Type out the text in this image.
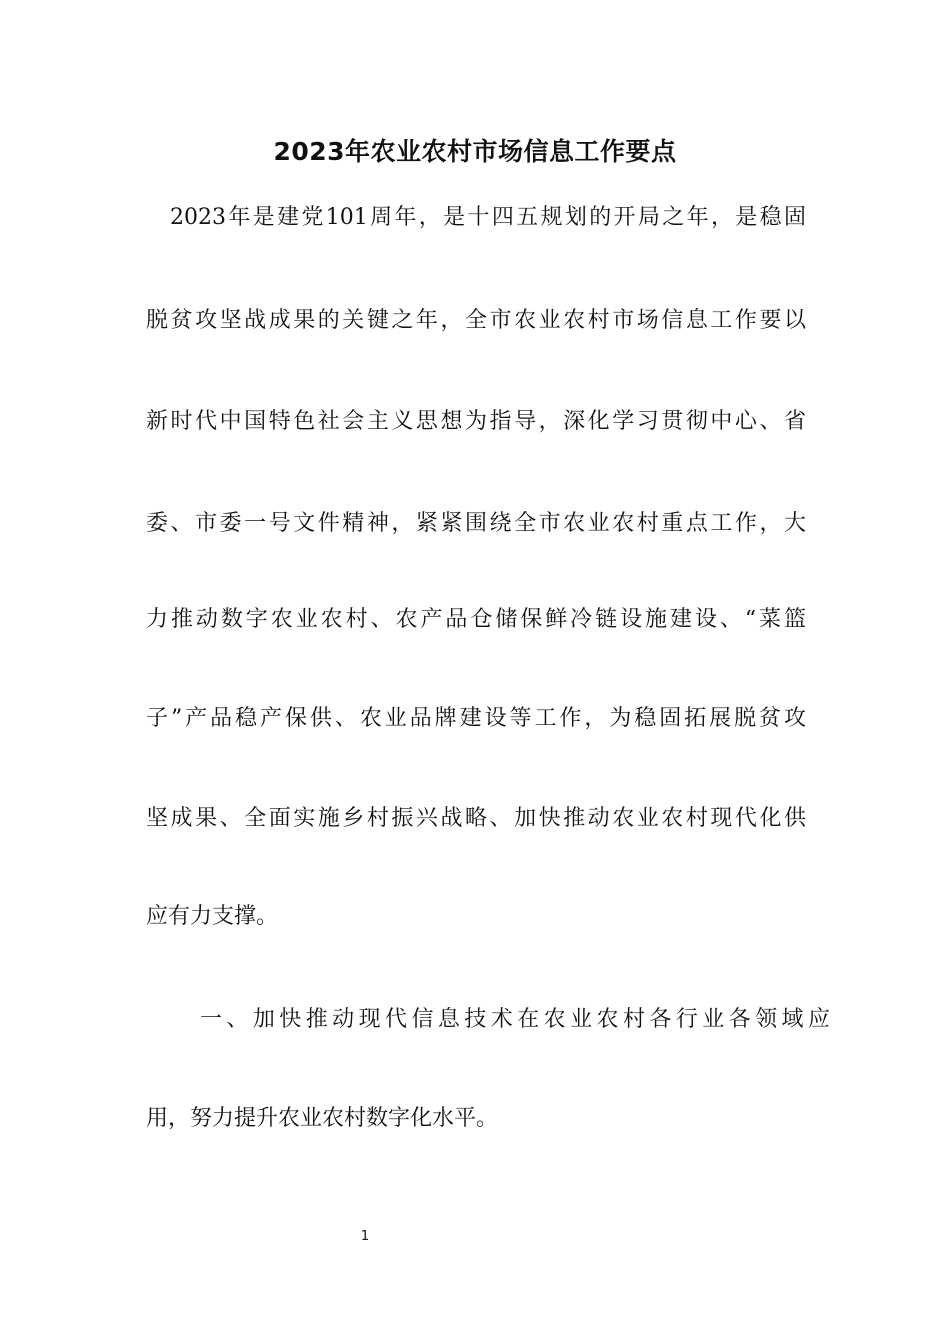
2023年农业农村市场信息工作要点
2023年是建党101周年，是十四五规划的开局之年，是稳固
脱贫攻坚战成果的关键之年，全市农业农村市场信息工作要以
新时代中国特色社会主义思想为指导，深化学习贯彻中心、省
委、市委一号文件精神，紧紧围绕全市农业农村重点工作，大
力推动数字农业农村、农产品仓储保鲜冷链设施建设、“菜篮
子”产品稳产保供、农业品牌建设等工作，为稳固拓展脱贫攻
坚成果、全面实施乡村振兴战略、加快推动农业农村现代化供
应有力支撑。
一、加快推动现代信息技术在农业农村各行业各领域应
用，努力提升农业农村数字化水平。
1
